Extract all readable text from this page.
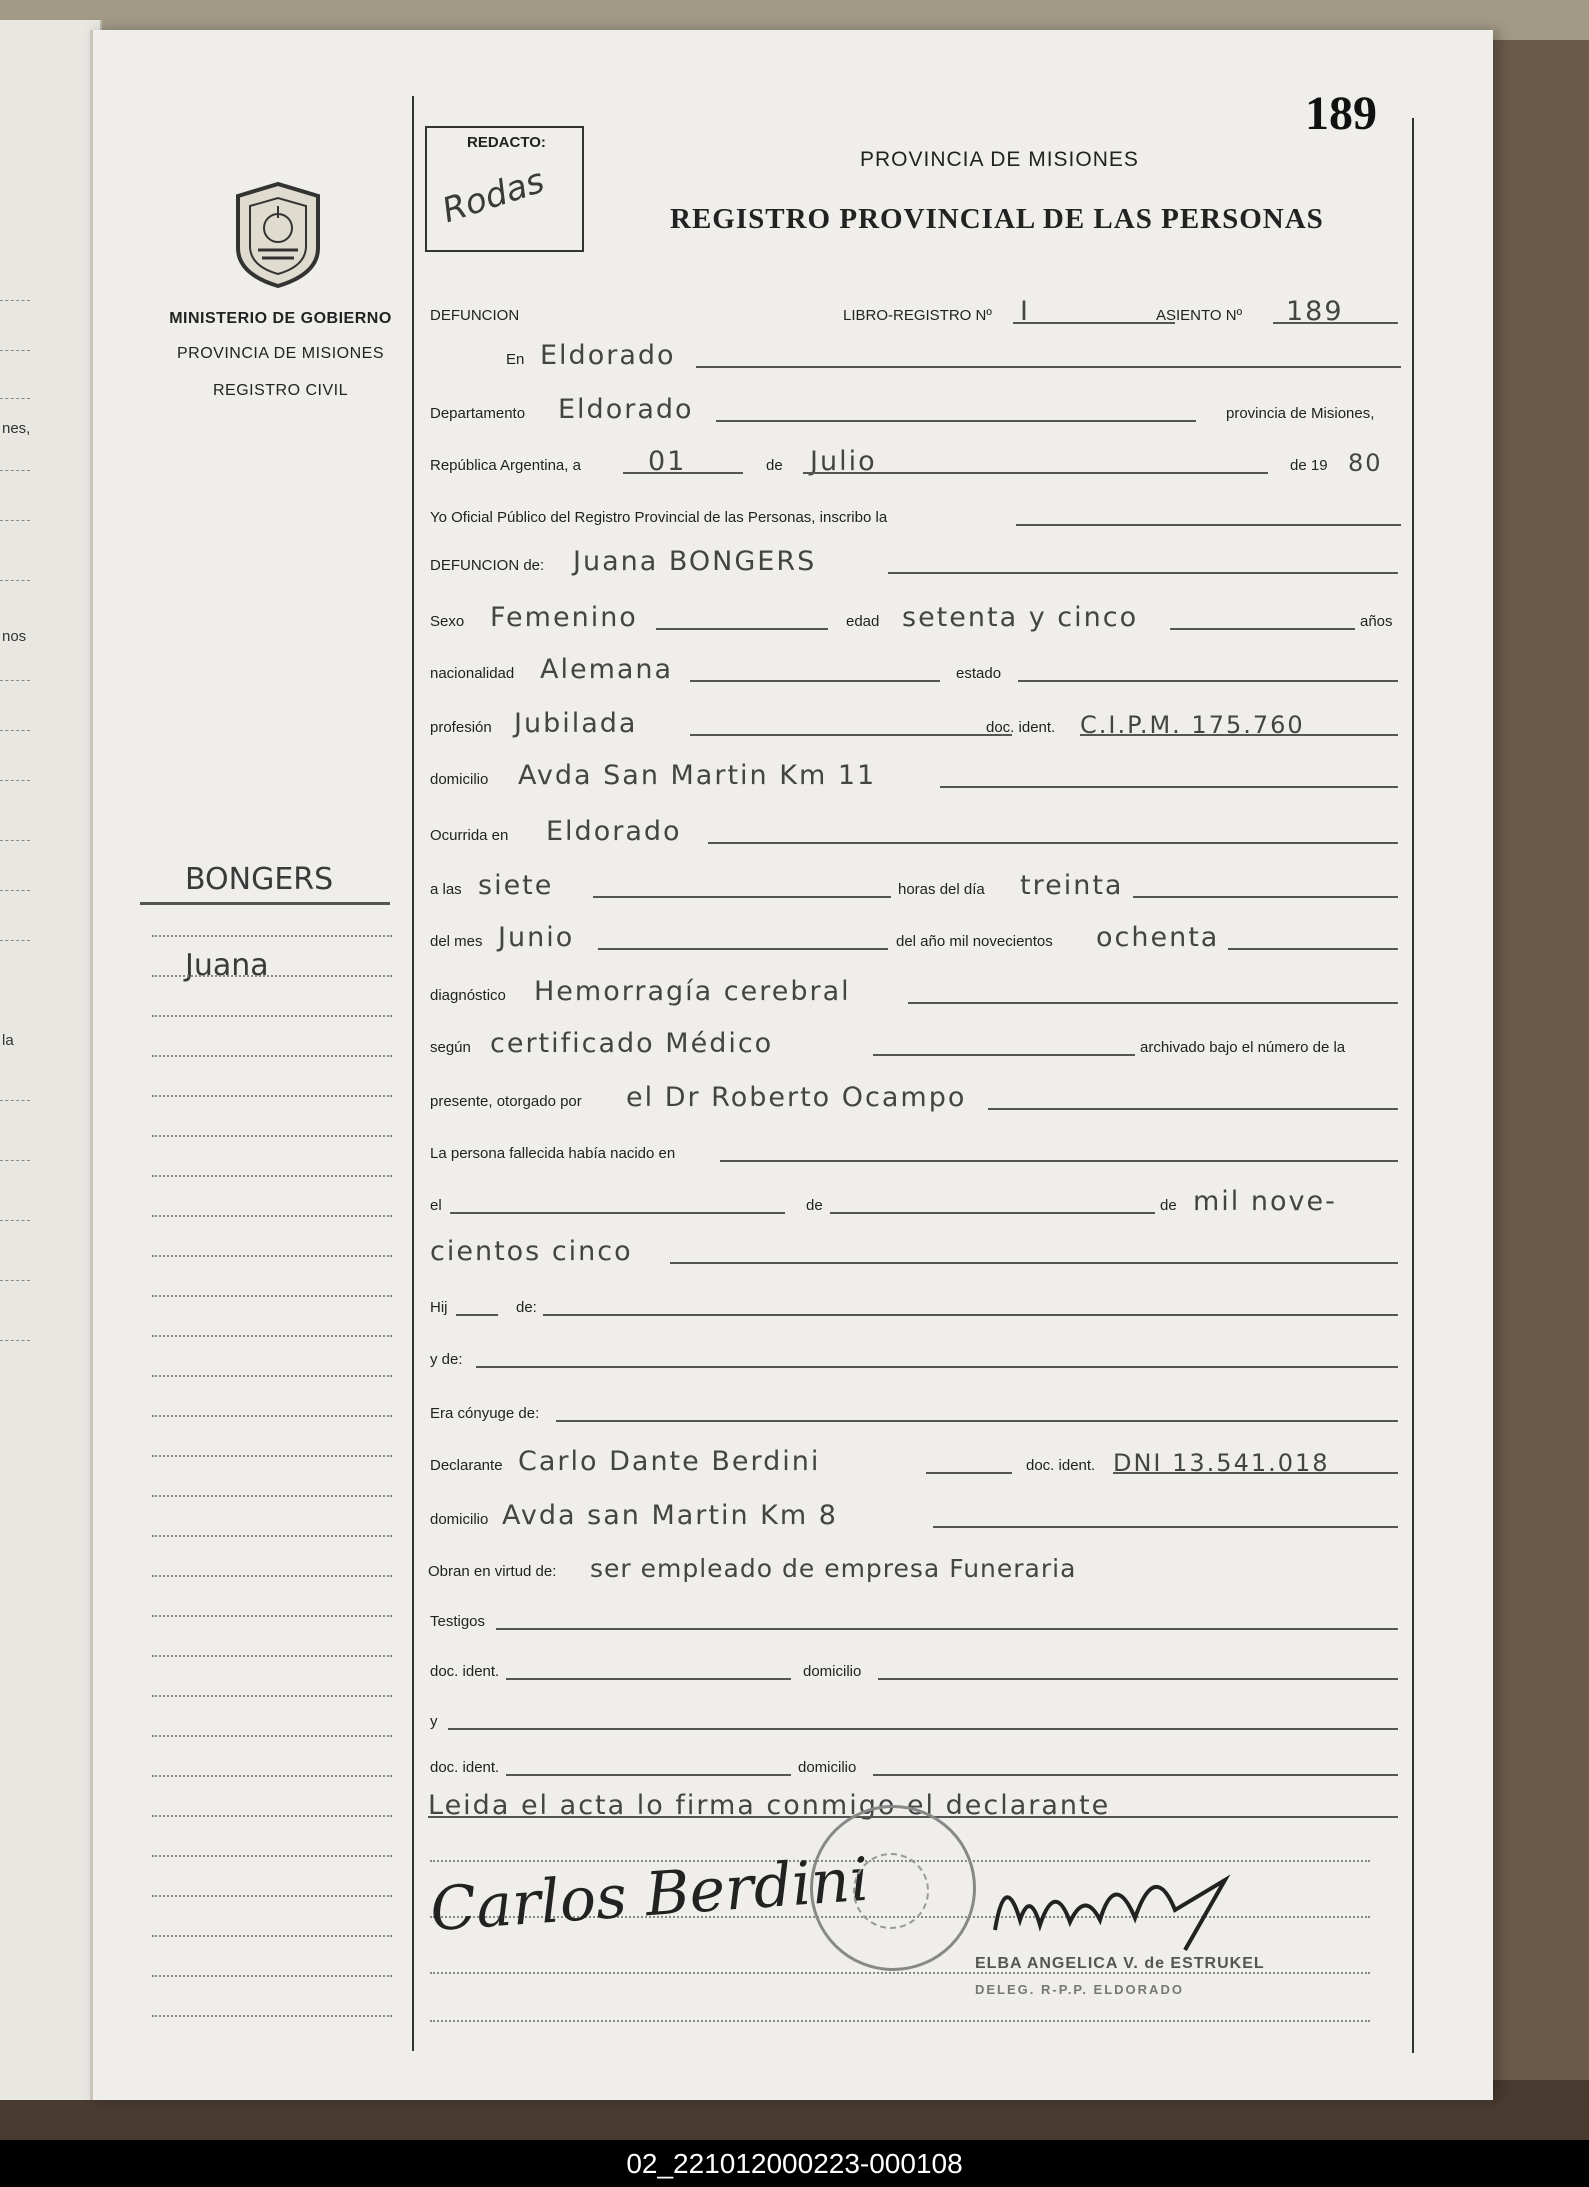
nes,
nos
la
189
REDACTO:
Rodas
PROVINCIA DE MISIONES
REGISTRO PROVINCIAL DE LAS PERSONAS
MINISTERIO DE GOBIERNO
PROVINCIA DE MISIONES
REGISTRO CIVIL
BONGERS
Juana
DEFUNCION	LIBRO-REGISTRO Nº I	ASIENTO Nº 189
En Eldorado
Departamento Eldorado	provincia de Misiones,
República Argentina, a 01	de Julio	de 19 80
Yo Oficial Público del Registro Provincial de las Personas, inscribo la
DEFUNCION de: Juana BONGERS
Sexo Femenino	edad setenta y cinco	años
nacionalidad Alemana	estado
profesión Jubilada	doc. ident. C.I.P.M. 175.760
domicilio Avda San Martin Km 11
Ocurrida en Eldorado
a las siete	horas del día treinta
del mes Junio	del año mil novecientos ochenta
diagnóstico Hemorragía cerebral
según certificado Médico	archivado bajo el número de la
presente, otorgado por el Dr Roberto Ocampo
La persona fallecida había nacido en
el	de	de mil nove-
cientos cinco
Hij	de:
y de:
Era cónyuge de:
Declarante Carlo Dante Berdini	doc. ident. DNI 13.541.018
domicilio Avda san Martin Km 8
Obran en virtud de: ser empleado de empresa Funeraria
Testigos
doc. ident.	domicilio
y
doc. ident.	domicilio
Leida el acta lo firma conmigo el declarante
Carlos Berdini
ELBA ANGELICA V. de ESTRUKEL
DELEG. R-P.P. ELDORADO
02_221012000223-000108
